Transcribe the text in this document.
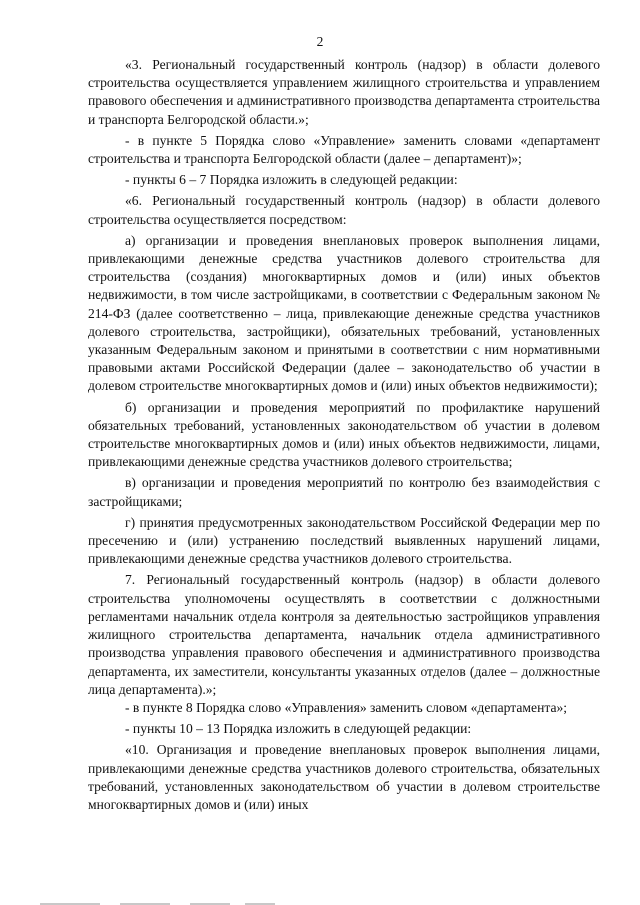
2

«3. Региональный государственный контроль (надзор) в области долевого строительства осуществляется управлением жилищного строительства и управлением правового обеспечения и административного производства департамента строительства и транспорта Белгородской области.»;

- в пункте 5 Порядка слово «Управление» заменить словами «департамент строительства и транспорта Белгородской области (далее – департамент)»;

- пункты 6 – 7 Порядка изложить в следующей редакции:

«6. Региональный государственный контроль (надзор) в области долевого строительства осуществляется посредством:

а) организации и проведения внеплановых проверок выполнения лицами, привлекающими денежные средства участников долевого строительства для строительства (создания) многоквартирных домов и (или) иных объектов недвижимости, в том числе застройщиками, в соответствии с Федеральным законом № 214-ФЗ (далее соответственно – лица, привлекающие денежные средства участников долевого строительства, застройщики), обязательных требований, установленных указанным Федеральным законом и принятыми в соответствии с ним нормативными правовыми актами Российской Федерации (далее – законодательство об участии в долевом строительстве многоквартирных домов и (или) иных объектов недвижимости);

б) организации и проведения мероприятий по профилактике нарушений обязательных требований, установленных законодательством об участии в долевом строительстве многоквартирных домов и (или) иных объектов недвижимости, лицами, привлекающими денежные средства участников долевого строительства;

в) организации и проведения мероприятий по контролю без взаимодействия с застройщиками;

г) принятия предусмотренных законодательством Российской Федерации мер по пресечению и (или) устранению последствий выявленных нарушений лицами, привлекающими денежные средства участников долевого строительства.

7. Региональный государственный контроль (надзор) в области долевого строительства уполномочены осуществлять в соответствии с должностными регламентами начальник отдела контроля за деятельностью застройщиков управления жилищного строительства департамента, начальник отдела административного производства управления правового обеспечения и административного производства департамента, их заместители, консультанты указанных отделов (далее – должностные лица департамента).»;

- в пункте 8 Порядка слово «Управления» заменить словом «департамента»;

- пункты 10 – 13 Порядка изложить в следующей редакции:

«10. Организация и проведение внеплановых проверок выполнения лицами, привлекающими денежные средства участников долевого строительства, обязательных требований, установленных законодательством об участии в долевом строительстве многоквартирных домов и (или) иных
